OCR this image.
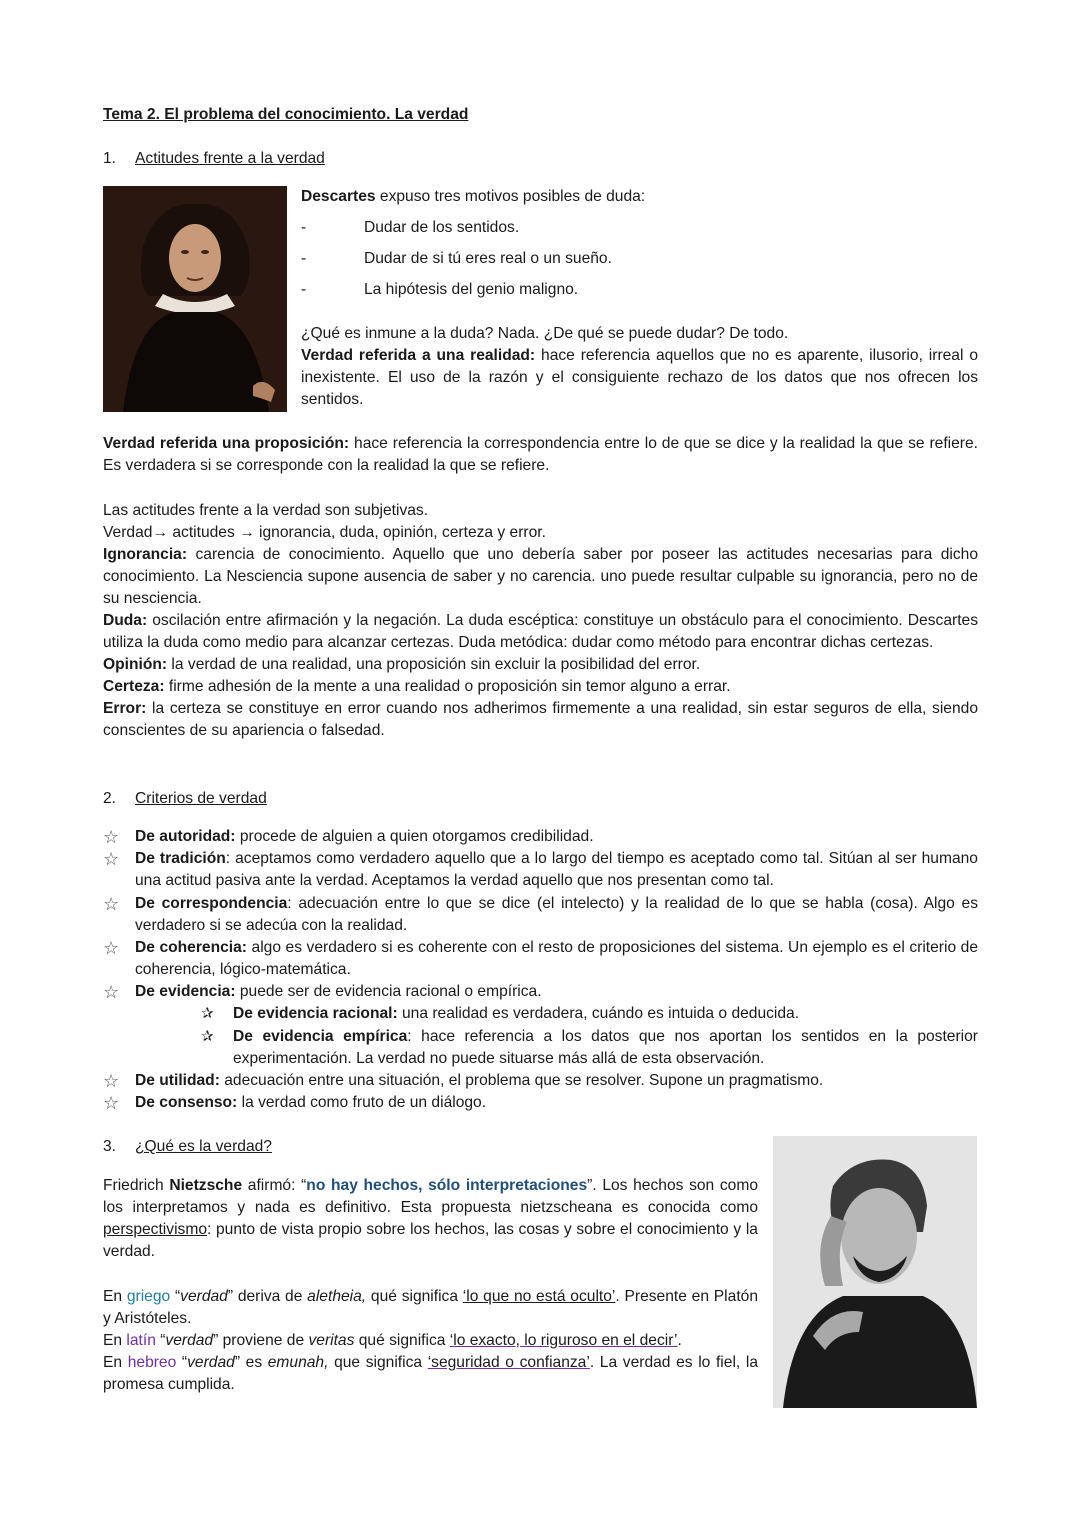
Tema 2. El problema del conocimiento. La verdad
1. Actitudes frente a la verdad
Descartes expuso tres motivos posibles de duda:
-	Dudar de los sentidos.
-	Dudar de si tú eres real o un sueño.
-	La hipótesis del genio maligno.
¿Qué es inmune a la duda? Nada. ¿De qué se puede dudar? De todo.
Verdad referida a una realidad: hace referencia aquellos que no es aparente, ilusorio, irreal o inexistente. El uso de la razón y el consiguiente rechazo de los datos que nos ofrecen los sentidos.
Verdad referida una proposición: hace referencia la correspondencia entre lo de que se dice y la realidad la que se refiere. Es verdadera si se corresponde con la realidad la que se refiere.
Las actitudes frente a la verdad son subjetivas.
Verdad→ actitudes → ignorancia, duda, opinión, certeza y error.
Ignorancia: carencia de conocimiento. Aquello que uno debería saber por poseer las actitudes necesarias para dicho conocimiento. La Nesciencia supone ausencia de saber y no carencia. uno puede resultar culpable su ignorancia, pero no de su nesciencia.
Duda: oscilación entre afirmación y la negación. La duda escéptica: constituye un obstáculo para el conocimiento. Descartes utiliza la duda como medio para alcanzar certezas. Duda metódica: dudar como método para encontrar dichas certezas.
Opinión: la verdad de una realidad, una proposición sin excluir la posibilidad del error.
Certeza: firme adhesión de la mente a una realidad o proposición sin temor alguno a errar.
Error: la certeza se constituye en error cuando nos adherimos firmemente a una realidad, sin estar seguros de ella, siendo conscientes de su apariencia o falsedad.
2. Criterios de verdad
☆	De autoridad: procede de alguien a quien otorgamos credibilidad.
☆	De tradición: aceptamos como verdadero aquello que a lo largo del tiempo es aceptado como tal. Sitúan al ser humano una actitud pasiva ante la verdad. Aceptamos la verdad aquello que nos presentan como tal.
☆	De correspondencia: adecuación entre lo que se dice (el intelecto) y la realidad de lo que se habla (cosa). Algo es verdadero si se adecúa con la realidad.
☆	De coherencia: algo es verdadero si es coherente con el resto de proposiciones del sistema. Un ejemplo es el criterio de coherencia, lógico-matemática.
☆	De evidencia: puede ser de evidencia racional o empírica.
✰ De evidencia racional: una realidad es verdadera, cuándo es intuida o deducida.
✰ De evidencia empírica: hace referencia a los datos que nos aportan los sentidos en la posterior experimentación. La verdad no puede situarse más allá de esta observación.
☆	De utilidad: adecuación entre una situación, el problema que se resolver. Supone un pragmatismo.
☆	De consenso: la verdad como fruto de un diálogo.
3. ¿Qué es la verdad?
Friedrich Nietzsche afirmó: “no hay hechos, sólo interpretaciones”. Los hechos son como los interpretamos y nada es definitivo. Esta propuesta nietzscheana es conocida como perspectivismo: punto de vista propio sobre los hechos, las cosas y sobre el conocimiento y la verdad.
En griego “verdad” deriva de aletheia, qué significa ‘lo que no está oculto’. Presente en Platón y Aristóteles.
En latín “verdad” proviene de veritas qué significa ‘lo exacto, lo riguroso en el decir’.
En hebreo “verdad” es emunah, que significa ‘seguridad o confianza’. La verdad es lo fiel, la promesa cumplida.
